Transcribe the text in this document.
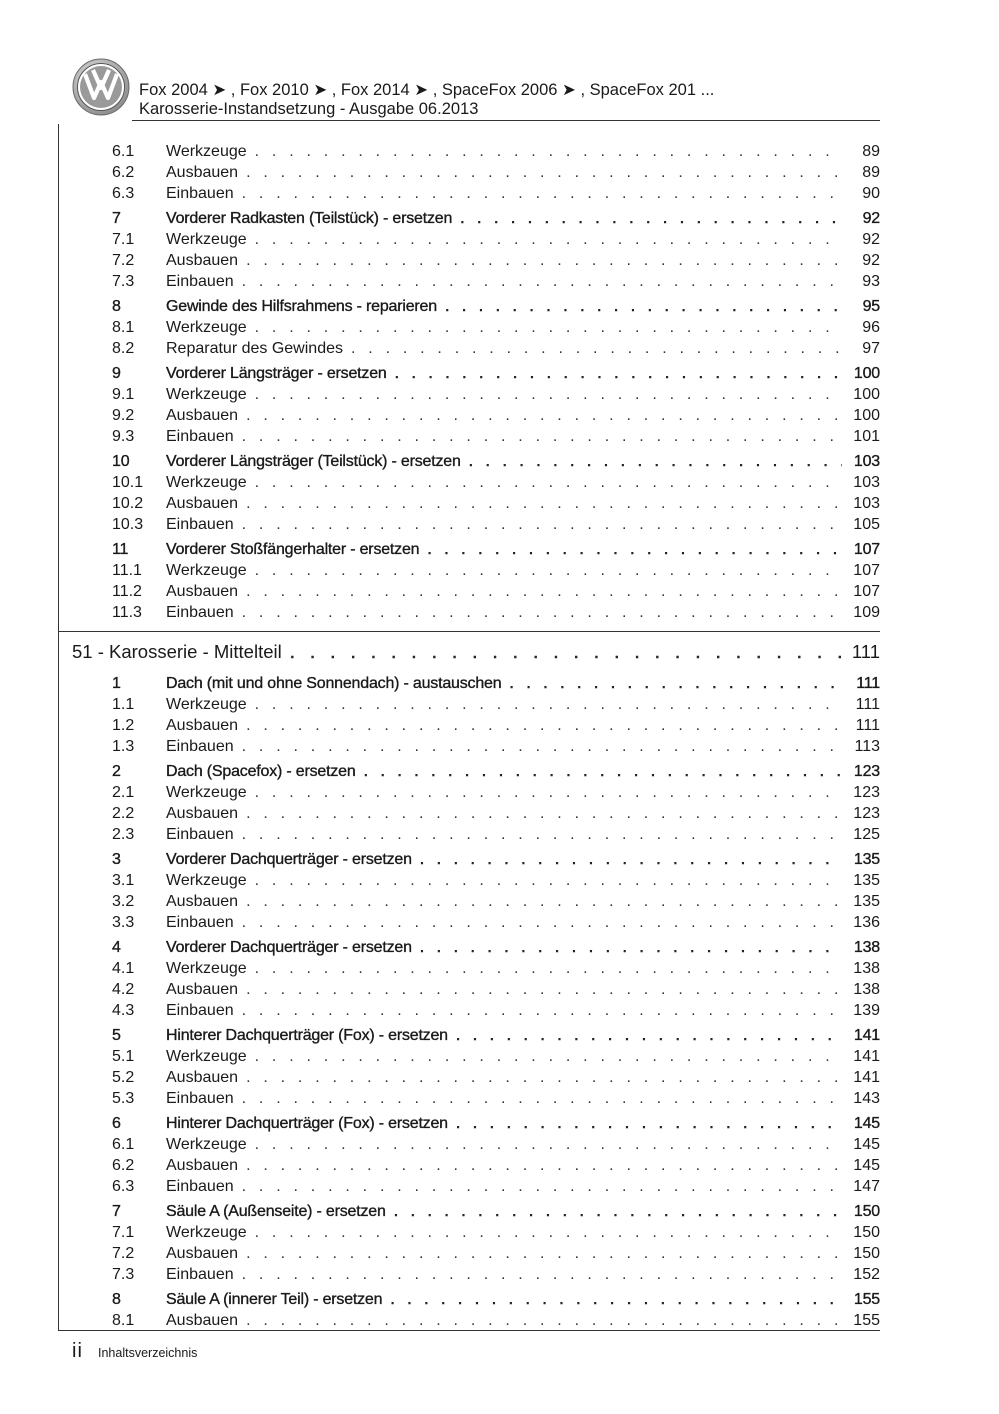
Fox 2004 ➤ , Fox 2010 ➤ , Fox 2014 ➤ , SpaceFox 2006 ➤ , SpaceFox 201 ...
Karosserie-Instandsetzung - Ausgabe 06.2013
6.1	Werkzeuge . . .	89
6.2	Ausbauen . . .	89
6.3	Einbauen . . .	90
7	Vorderer Radkasten (Teilstück) - ersetzen . . .	92
7.1	Werkzeuge . . .	92
7.2	Ausbauen . . .	92
7.3	Einbauen . . .	93
8	Gewinde des Hilfsrahmens - reparieren . . .	95
8.1	Werkzeuge . . .	96
8.2	Reparatur des Gewindes . . .	97
9	Vorderer Längsträger - ersetzen . . .	100
9.1	Werkzeuge . . .	100
9.2	Ausbauen . . .	100
9.3	Einbauen . . .	101
10	Vorderer Längsträger (Teilstück) - ersetzen . . .	103
10.1	Werkzeuge . . .	103
10.2	Ausbauen . . .	103
10.3	Einbauen . . .	105
11	Vorderer Stoßfängerhalter - ersetzen . . .	107
11.1	Werkzeuge . . .	107
11.2	Ausbauen . . .	107
11.3	Einbauen . . .	109
51 - Karosserie - Mittelteil . . .	111
1	Dach (mit und ohne Sonnendach) - austauschen . . .	111
1.1	Werkzeuge . . .	111
1.2	Ausbauen . . .	111
1.3	Einbauen . . .	113
2	Dach (Spacefox) - ersetzen . . .	123
2.1	Werkzeuge . . .	123
2.2	Ausbauen . . .	123
2.3	Einbauen . . .	125
3	Vorderer Dachquerträger - ersetzen . . .	135
3.1	Werkzeuge . . .	135
3.2	Ausbauen . . .	135
3.3	Einbauen . . .	136
4	Vorderer Dachquerträger - ersetzen . . .	138
4.1	Werkzeuge . . .	138
4.2	Ausbauen . . .	138
4.3	Einbauen . . .	139
5	Hinterer Dachquerträger (Fox) - ersetzen . . .	141
5.1	Werkzeuge . . .	141
5.2	Ausbauen . . .	141
5.3	Einbauen . . .	143
6	Hinterer Dachquerträger (Fox) - ersetzen . . .	145
6.1	Werkzeuge . . .	145
6.2	Ausbauen . . .	145
6.3	Einbauen . . .	147
7	Säule A (Außenseite) - ersetzen . . .	150
7.1	Werkzeuge . . .	150
7.2	Ausbauen . . .	150
7.3	Einbauen . . .	152
8	Säule A (innerer Teil) - ersetzen . . .	155
8.1	Ausbauen . . .	155
ii Inhaltsverzeichnis
